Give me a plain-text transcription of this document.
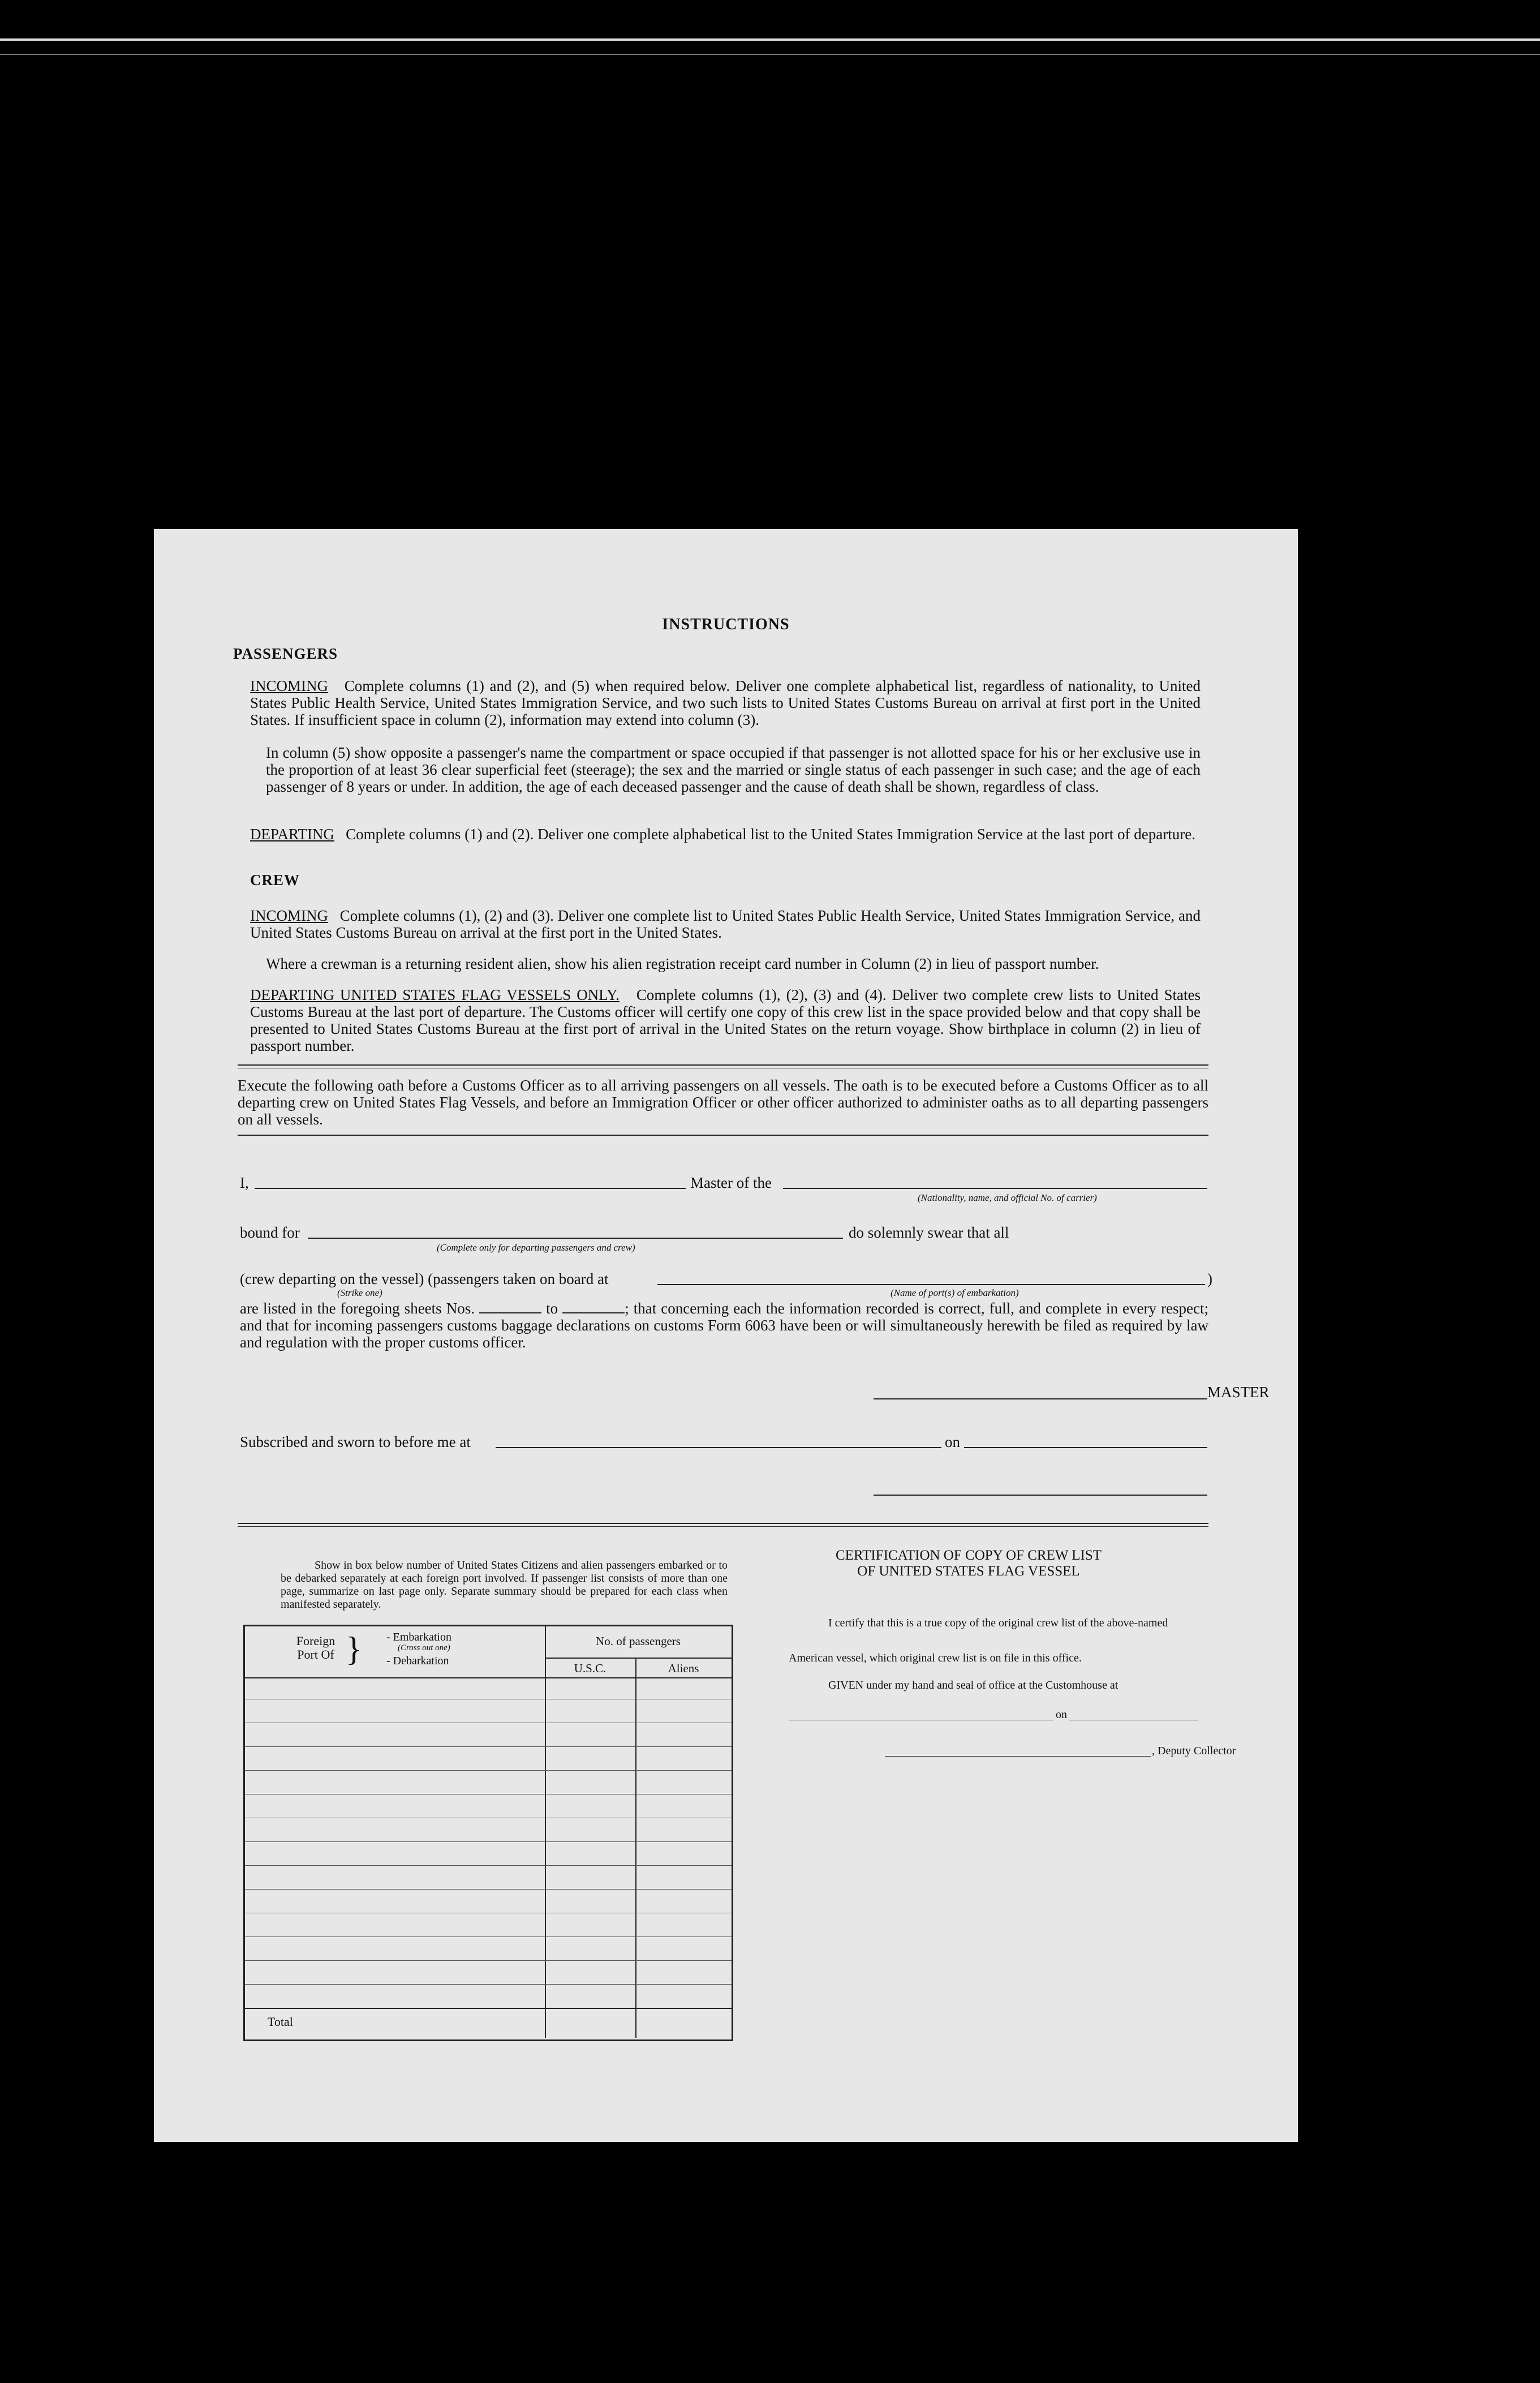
INSTRUCTIONS
PASSENGERS
INCOMING Complete columns (1) and (2), and (5) when required below. Deliver one complete alphabetical list, regardless of nationality, to United States Public Health Service, United States Immigration Service, and two such lists to United States Customs Bureau on arrival at first port in the United States. If insufficient space in column (2), information may extend into column (3).
In column (5) show opposite a passenger's name the compartment or space occupied if that passenger is not allotted space for his or her exclusive use in the proportion of at least 36 clear superficial feet (steerage); the sex and the married or single status of each passenger in such case; and the age of each passenger of 8 years or under. In addition, the age of each deceased passenger and the cause of death shall be shown, regardless of class.
DEPARTING Complete columns (1) and (2). Deliver one complete alphabetical list to the United States Immigration Service at the last port of departure.
CREW
INCOMING Complete columns (1), (2) and (3). Deliver one complete list to United States Public Health Service, United States Immigration Service, and United States Customs Bureau on arrival at the first port in the United States.
Where a crewman is a returning resident alien, show his alien registration receipt card number in Column (2) in lieu of passport number.
DEPARTING UNITED STATES FLAG VESSELS ONLY. Complete columns (1), (2), (3) and (4). Deliver two complete crew lists to United States Customs Bureau at the last port of departure. The Customs officer will certify one copy of this crew list in the space provided below and that copy shall be presented to United States Customs Bureau at the first port of arrival in the United States on the return voyage. Show birthplace in column (2) in lieu of passport number.
Execute the following oath before a Customs Officer as to all arriving passengers on all vessels. The oath is to be executed before a Customs Officer as to all departing crew on United States Flag Vessels, and before an Immigration Officer or other officer authorized to administer oaths as to all departing passengers on all vessels.
I,	Master of the
(Nationality, name, and official No. of carrier)
bound for
(Complete only for departing passengers and crew)
do solemnly swear that all
(crew departing on the vessel) (passengers taken on board at	)
(Strike one)	(Name of port(s) of embarkation)
are listed in the foregoing sheets Nos.	to	; that concerning each the information recorded is correct, full, and complete in every respect; and that for incoming passengers customs baggage declarations on customs Form 6063 have been or will simultaneously herewith be filed as required by law and regulation with the proper customs officer.
MASTER
Subscribed and sworn to before me at	on
Show in box below number of United States Citizens and alien passengers embarked or to be debarked separately at each foreign port involved. If passenger list consists of more than one page, summarize on last page only. Separate summary should be prepared for each class when manifested separately.
Foreign Port Of } - Embarkation
(Cross out one)
- Debarkation
No. of passengers
U.S.C.	Aliens
Total
CERTIFICATION OF COPY OF CREW LIST
OF UNITED STATES FLAG VESSEL
I certify that this is a true copy of the original crew list of the above-named
American vessel, which original crew list is on file in this office.
GIVEN under my hand and seal of office at the Customhouse at
on
, Deputy Collector
